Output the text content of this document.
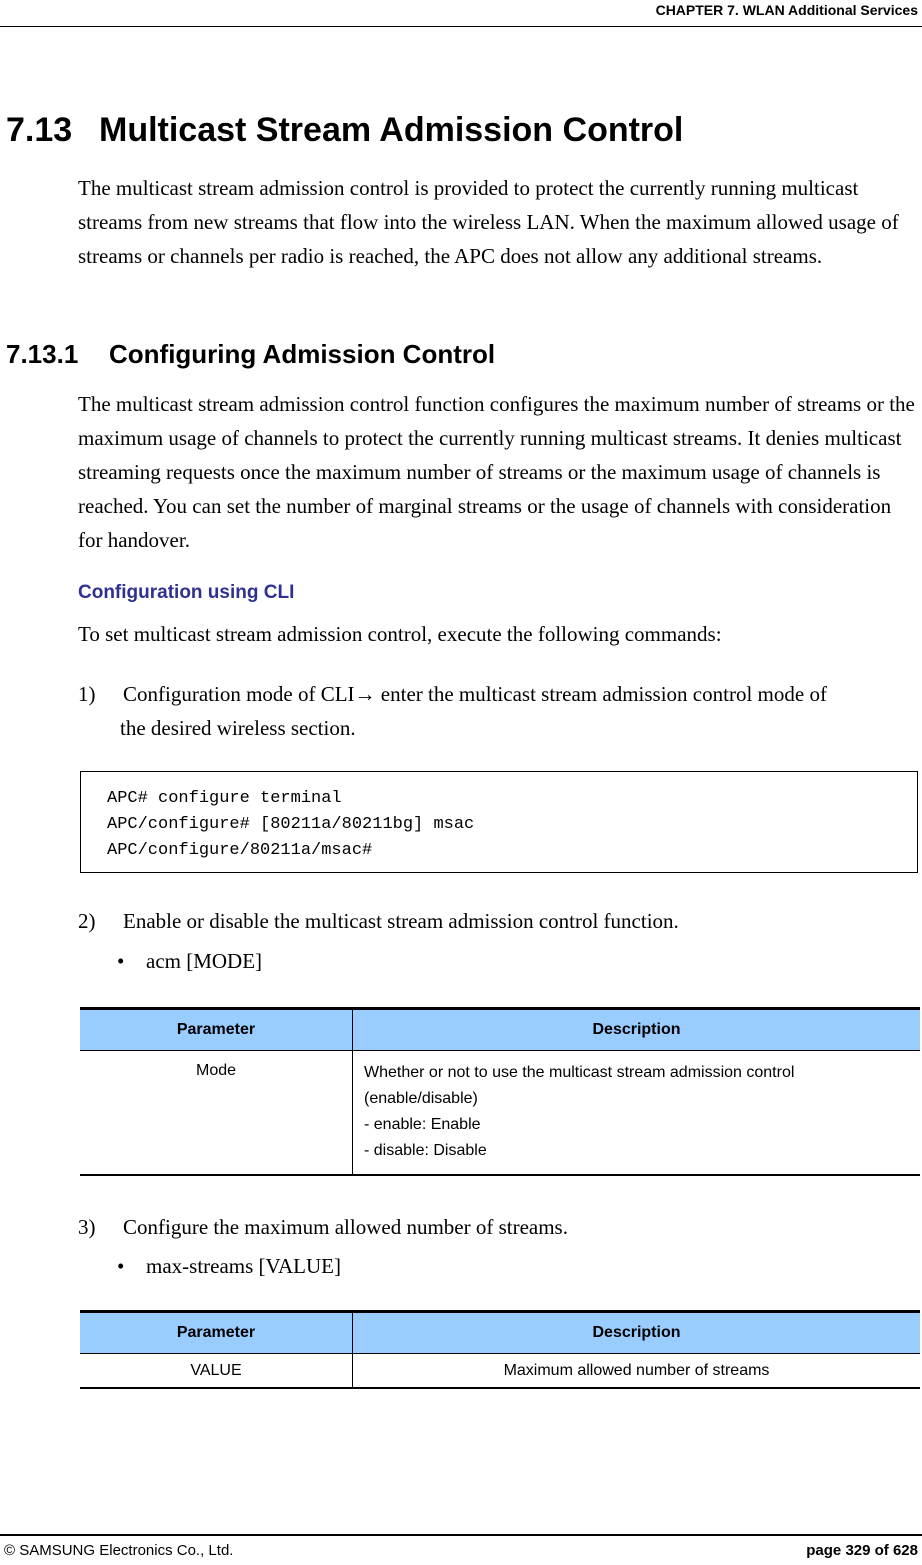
CHAPTER 7. WLAN Additional Services
7.13 Multicast Stream Admission Control

The multicast stream admission control is provided to protect the currently running multicast streams from new streams that flow into the wireless LAN. When the maximum allowed usage of streams or channels per radio is reached, the APC does not allow any additional streams.

7.13.1 Configuring Admission Control

The multicast stream admission control function configures the maximum number of streams or the maximum usage of channels to protect the currently running multicast streams. It denies multicast streaming requests once the maximum number of streams or the maximum usage of channels is reached. You can set the number of marginal streams or the usage of channels with consideration for handover.

Configuration using CLI

To set multicast stream admission control, execute the following commands:

1) Configuration mode of CLI→ enter the multicast stream admission control mode of
the desired wireless section.
APC# configure terminal
APC/configure# [80211a/80211bg] msac
APC/configure/80211a/msac#
2) Enable or disable the multicast stream admission control function.
• acm [MODE]
Parameter	Description
Mode	Whether or not to use the multicast stream admission control
(enable/disable)
- enable: Enable
- disable: Disable
3) Configure the maximum allowed number of streams.
• max-streams [VALUE]
Parameter	Description
VALUE	Maximum allowed number of streams
© SAMSUNG Electronics Co., Ltd.	page 329 of 628
